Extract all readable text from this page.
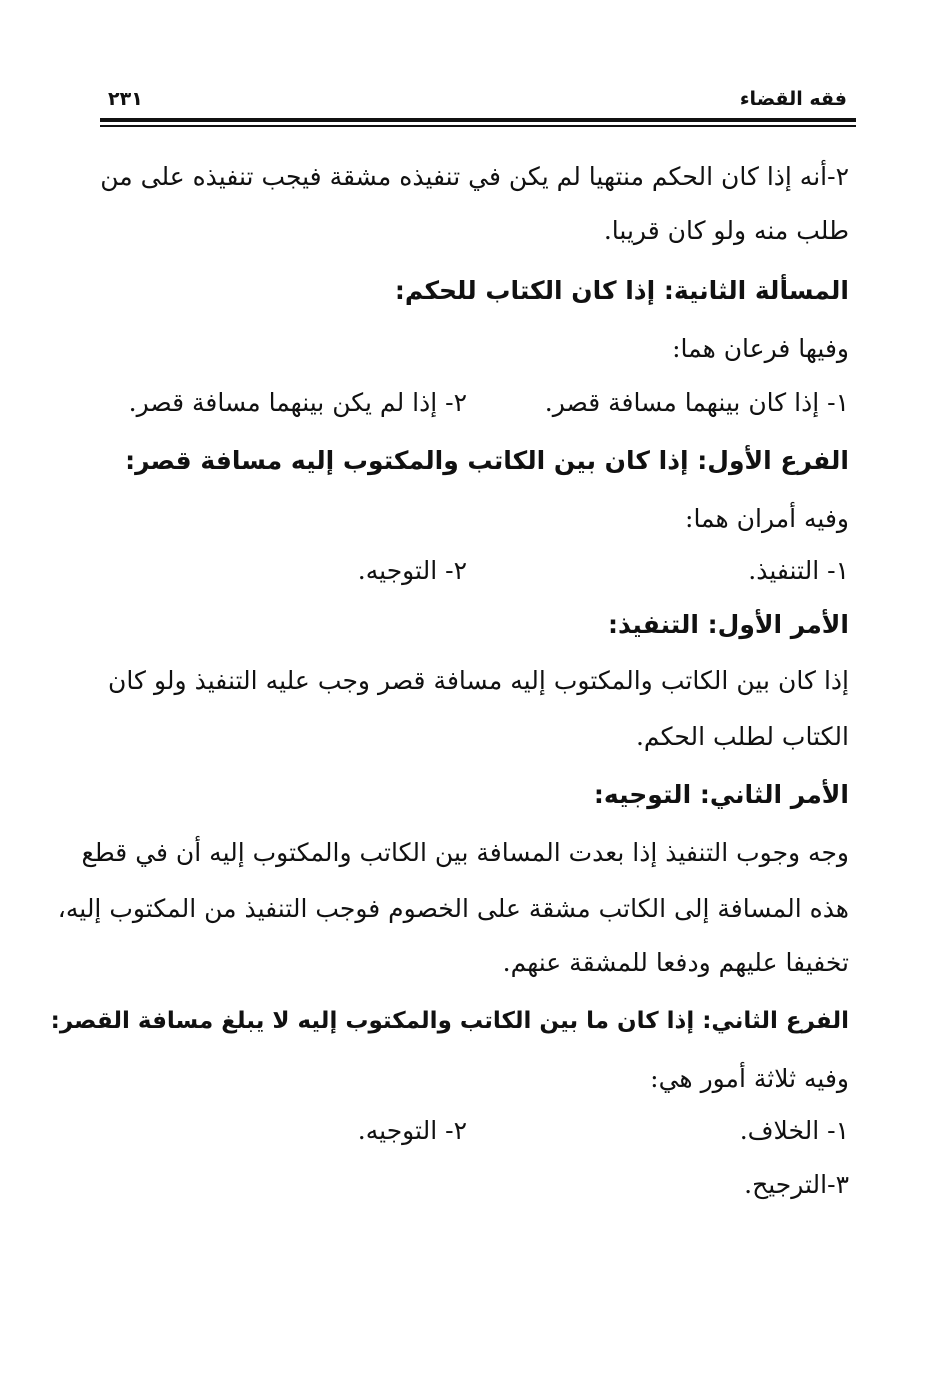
فقه القضاء
٢٣١
٢-أنه إذا كان الحكم منتهيا لم يكن في تنفيذه مشقة فيجب تنفيذه على من
طلب منه ولو كان قريبا.
المسألة الثانية: إذا كان الكتاب للحكم:
وفيها فرعان هما:
١- إذا كان بينهما مسافة قصر.
٢- إذا لم يكن بينهما مسافة قصر.
الفرع الأول: إذا كان بين الكاتب والمكتوب إليه مسافة قصر:
وفيه أمران هما:
١- التنفيذ.
٢- التوجيه.
الأمر الأول: التنفيذ:
إذا كان بين الكاتب والمكتوب إليه مسافة قصر وجب عليه التنفيذ ولو كان
الكتاب لطلب الحكم.
الأمر الثاني: التوجيه:
وجه وجوب التنفيذ إذا بعدت المسافة بين الكاتب والمكتوب إليه أن في قطع
هذه المسافة إلى الكاتب مشقة على الخصوم فوجب التنفيذ من المكتوب إليه،
تخفيفا عليهم ودفعا للمشقة عنهم.
الفرع الثاني: إذا كان ما بين الكاتب والمكتوب إليه لا يبلغ مسافة القصر:
وفيه ثلاثة أمور هي:
١- الخلاف.
٢- التوجيه.
٣-الترجيح.
